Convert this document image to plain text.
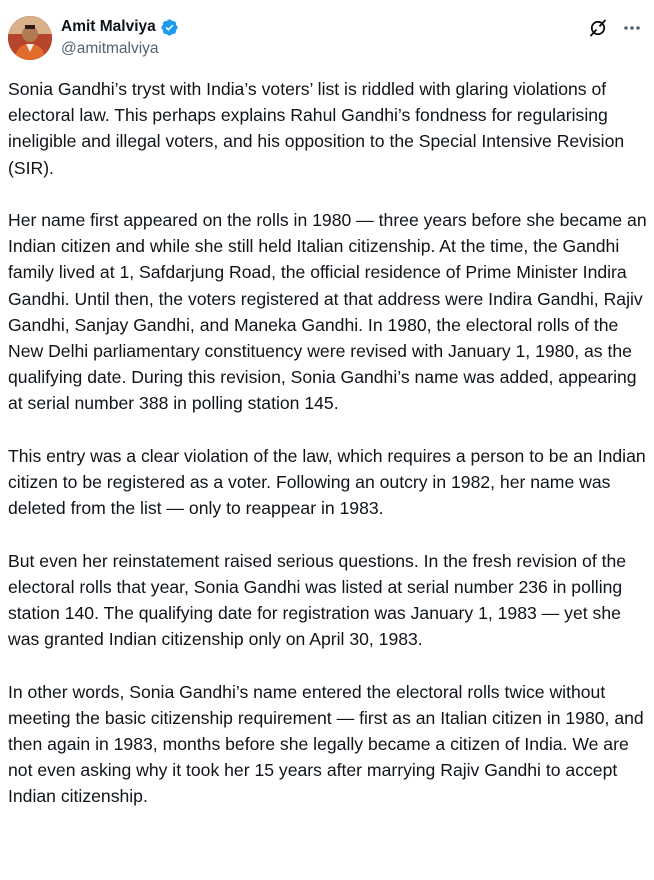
Amit Malviya
@amitmalviya

Sonia Gandhi’s tryst with India’s voters’ list is riddled with glaring violations of electoral law. This perhaps explains Rahul Gandhi’s fondness for regularising ineligible and illegal voters, and his opposition to the Special Intensive Revision (SIR).

Her name first appeared on the rolls in 1980 — three years before she became an Indian citizen and while she still held Italian citizenship. At the time, the Gandhi family lived at 1, Safdarjung Road, the official residence of Prime Minister Indira Gandhi. Until then, the voters registered at that address were Indira Gandhi, Rajiv Gandhi, Sanjay Gandhi, and Maneka Gandhi. In 1980, the electoral rolls of the New Delhi parliamentary constituency were revised with January 1, 1980, as the qualifying date. During this revision, Sonia Gandhi’s name was added, appearing at serial number 388 in polling station 145.

This entry was a clear violation of the law, which requires a person to be an Indian citizen to be registered as a voter. Following an outcry in 1982, her name was deleted from the list — only to reappear in 1983.

But even her reinstatement raised serious questions. In the fresh revision of the electoral rolls that year, Sonia Gandhi was listed at serial number 236 in polling station 140. The qualifying date for registration was January 1, 1983 — yet she was granted Indian citizenship only on April 30, 1983.

In other words, Sonia Gandhi’s name entered the electoral rolls twice without meeting the basic citizenship requirement — first as an Italian citizen in 1980, and then again in 1983, months before she legally became a citizen of India. We are not even asking why it took her 15 years after marrying Rajiv Gandhi to accept Indian citizenship.
